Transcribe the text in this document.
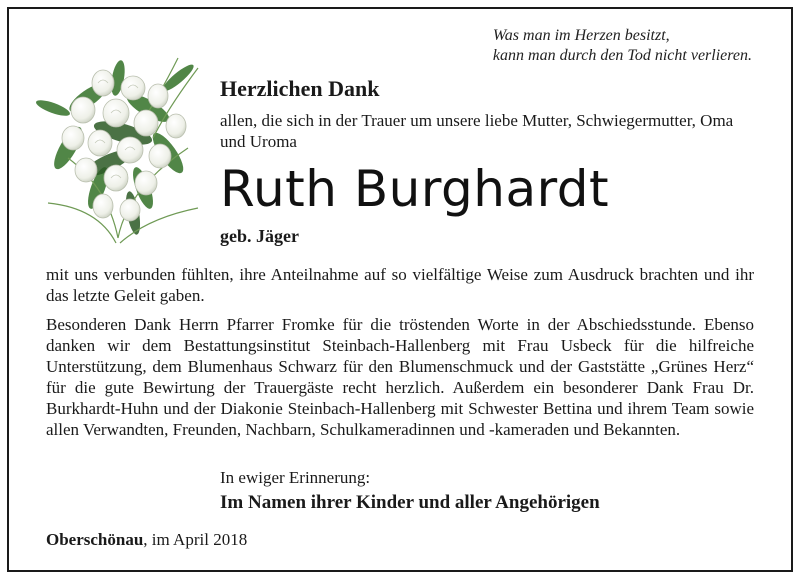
Was man im Herzen besitzt,
kann man durch den Tod nicht verlieren.
Herzlichen Dank
allen, die sich in der Trauer um unsere liebe Mutter, Schwiegermutter, Oma und Uroma
Ruth Burghardt
geb. Jäger
mit uns verbunden fühlten, ihre Anteilnahme auf so vielfältige Weise zum Ausdruck brachten und ihr das letzte Geleit gaben.
Besonderen Dank Herrn Pfarrer Fromke für die tröstenden Worte in der Abschiedsstunde. Ebenso danken wir dem Bestattungsinstitut Steinbach-Hallenberg mit Frau Usbeck für die hilfreiche Unterstützung, dem Blumenhaus Schwarz für den Blumenschmuck und der Gaststätte „Grünes Herz“ für die gute Bewirtung der Trauergäste recht herzlich. Außerdem ein besonderer Dank Frau Dr. Burkhardt-Huhn und der Diakonie Steinbach-Hallenberg mit Schwester Bettina und ihrem Team sowie allen Verwandten, Freunden, Nachbarn, Schulkameradinnen und -kameraden und Bekannten.
In ewiger Erinnerung:
Im Namen ihrer Kinder und aller Angehörigen
Oberschönau, im April 2018
